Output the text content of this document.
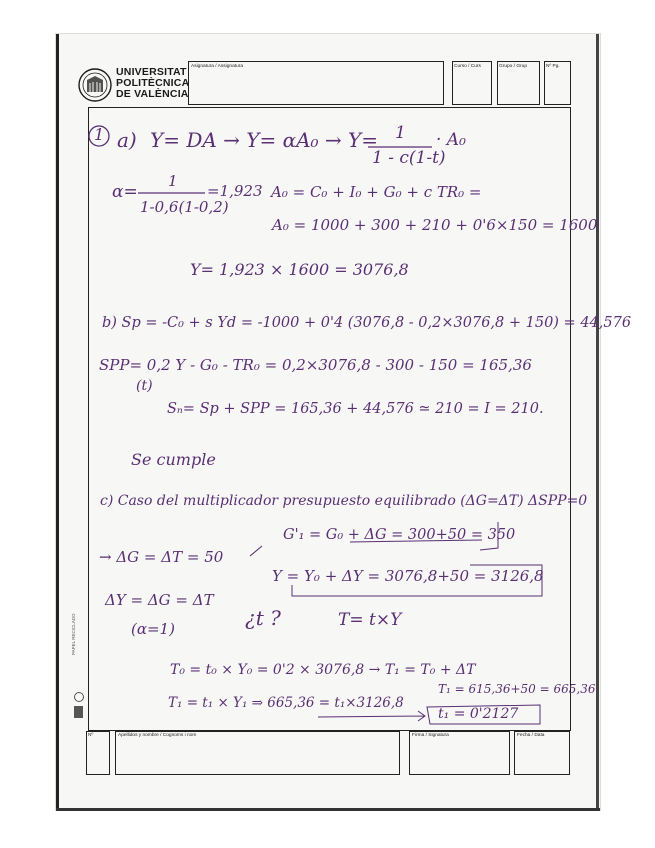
UNIVERSITAT
POLITÈCNICA
DE VALÈNCIA
Asignatura / Assignatura	Curso / Curs	Grupo / Grup	Nº Pg.
Nº	Apellidos y nombre / Cognoms i nom	Firma / Signatura	Fecha / Data
PAPEL RECICLADO
1 a) Y= DA → Y= αA₀ → Y= 1
1 - c(1-t)
· A₀
α=
1
1-0,6(1-0,2)
=1,923 A₀ = C₀ + I₀ + G₀ + c TR₀ =
A₀ = 1000 + 300 + 210 + 0'6×150 = 1600
Y= 1,923 × 1600 = 3076,8
b) Sp = -C₀ + s Yd = -1000 + 0'4 (3076,8 - 0,2×3076,8 + 150) = 44,576
SPP= 0,2 Y - G₀ - TR₀ = 0,2×3076,8 - 300 - 150 = 165,36
(t)
Sₙ= Sp + SPP = 165,36 + 44,576 ≃ 210 = I = 210.
Se cumple
c) Caso del multiplicador presupuesto equilibrado (ΔG=ΔT) ΔSPP=0
G'₁ = G₀ + ΔG = 300+50 = 350
→ ΔG = ΔT = 50
Y = Y₀ + ΔY = 3076,8+50 = 3126,8
ΔY = ΔG = ΔT
(α=1)	¿t ?	T= t×Y
T₀ = t₀ × Y₀ = 0'2 × 3076,8 → T₁ = T₀ + ΔT
T₁ = 615,36+50 = 665,36
T₁ = t₁ × Y₁ ⇒ 665,36 = t₁×3126,8
t₁ = 0'2127
